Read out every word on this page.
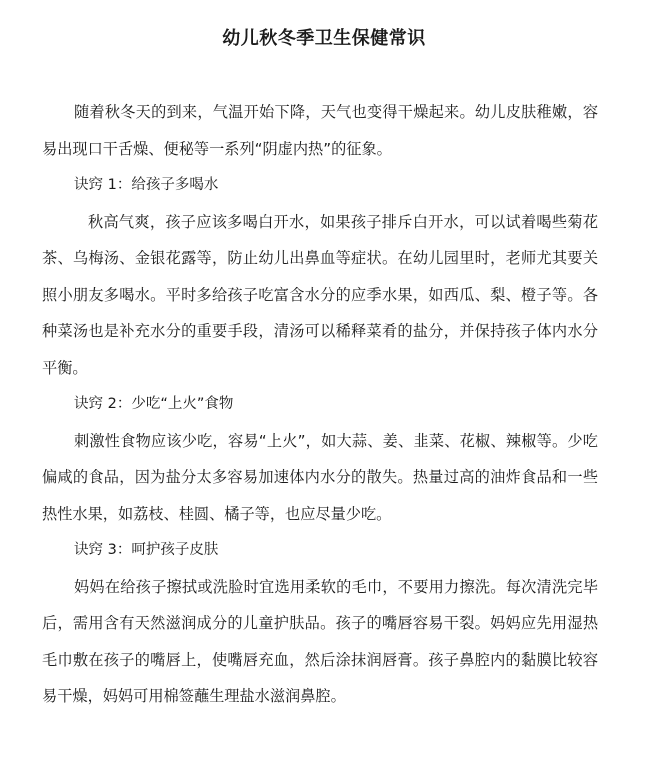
幼儿秋冬季卫生保健常识

随着秋冬天的到来，气温开始下降，天气也变得干燥起来。幼儿皮肤稚嫩，容易出现口干舌燥、便秘等一系列“阴虚内热”的征象。

诀窍 1：给孩子多喝水

秋高气爽，孩子应该多喝白开水，如果孩子排斥白开水，可以试着喝些菊花茶、乌梅汤、金银花露等，防止幼儿出鼻血等症状。在幼儿园里时，老师尤其要关照小朋友多喝水。平时多给孩子吃富含水分的应季水果，如西瓜、梨、橙子等。各种菜汤也是补充水分的重要手段，清汤可以稀释菜肴的盐分，并保持孩子体内水分平衡。

诀窍 2：少吃“上火”食物

刺激性食物应该少吃，容易“上火”，如大蒜、姜、韭菜、花椒、辣椒等。少吃偏咸的食品，因为盐分太多容易加速体内水分的散失。热量过高的油炸食品和一些热性水果，如荔枝、桂圆、橘子等，也应尽量少吃。

诀窍 3：呵护孩子皮肤

妈妈在给孩子擦拭或洗脸时宜选用柔软的毛巾，不要用力擦洗。每次清洗完毕后，需用含有天然滋润成分的儿童护肤品。孩子的嘴唇容易干裂。妈妈应先用湿热毛巾敷在孩子的嘴唇上，使嘴唇充血，然后涂抹润唇膏。孩子鼻腔内的黏膜比较容易干燥，妈妈可用棉签蘸生理盐水滋润鼻腔。
